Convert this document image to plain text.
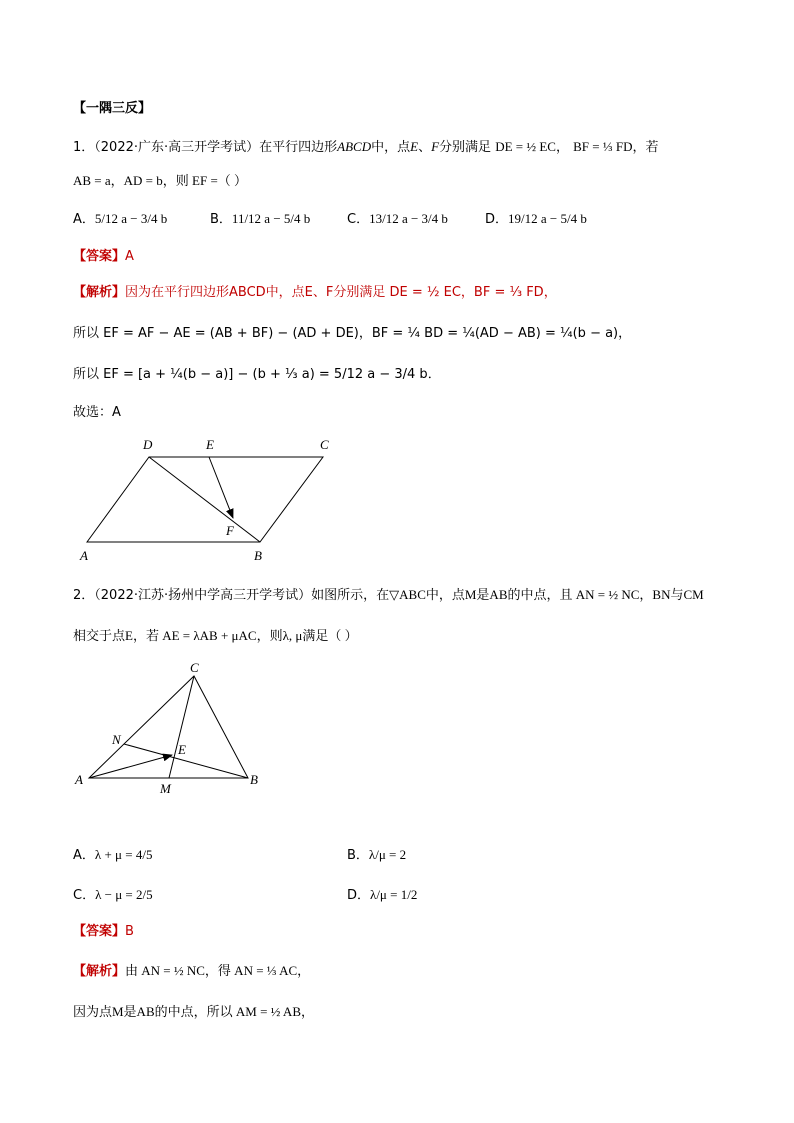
【一隅三反】
1．（2022·广东·高三开学考试）在平行四边形ABCD中，点E、F分别满足 DE = ½ EC， BF = ⅓ FD，若
AB = a，AD = b，则 EF =（ ）
A．5/12 a − 3/4 b	B．11/12 a − 5/4 b	C．13/12 a − 3/4 b	D．19/12 a − 5/4 b
【答案】A
【解析】因为在平行四边形ABCD中，点E、F分别满足 DE = ½ EC，BF = ⅓ FD，
所以 EF = AF − AE = (AB + BF) − (AD + DE)，BF = ¼ BD = ¼(AD − AB) = ¼(b − a)，
所以 EF = [a + ¼(b − a)] − (b + ⅓ a) = 5/12 a − 3/4 b．
故选：A
D	E	C
F
A	B
2．（2022·江苏·扬州中学高三开学考试）如图所示，在▽ABC中，点M是AB的中点，且 AN = ½ NC，BN与CM
相交于点E，若 AE = λAB + μAC，则λ, μ满足（ ）
C
N
E
A	B
M
A．λ + μ = 4/5	B．λ/μ = 2
C．λ − μ = 2/5	D．λ/μ = 1/2
【答案】B
【解析】由 AN = ½ NC，得 AN = ⅓ AC，
因为点M是AB的中点，所以 AM = ½ AB，
